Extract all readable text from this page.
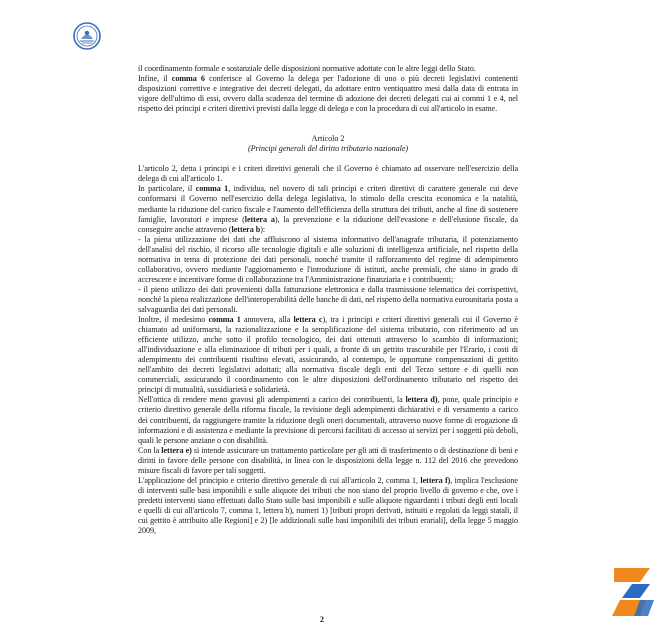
il coordinamento formale e sostanziale delle disposizioni normative adottate con le altre leggi dello Stato.

Infine, il comma 6 conferisce al Governo la delega per l'adozione di uno o più decreti legislativi contenenti disposizioni correttive e integrative dei decreti delegati, da adottare entro ventiquattro mesi dalla data di entrata in vigore dell'ultimo di essi, ovvero dalla scadenza del termine di adozione dei decreti delegati cui ai commi 1 e 4, nel rispetto dei principi e criteri direttivi previsti dalla legge di delega e con la procedura di cui all'articolo in esame.

Articolo 2

(Principi generali del diritto tributario nazionale)

L'articolo 2, detta i principi e i criteri direttivi generali che il Governo è chiamato ad osservare nell'esercizio della delega di cui all'articolo 1.

In particolare, il comma 1, individua, nel novero di tali principi e criteri direttivi di carattere generale cui deve conformarsi il Governo nell'esercizio della delega legislativa, lo stimolo della crescita economica e la natalità, mediante la riduzione del carico fiscale e l'aumento dell'efficienza della struttura dei tributi, anche al fine di sostenere famiglie, lavoratori e imprese (lettera a), la prevenzione e la riduzione dell'evasione e dell'elusione fiscale, da conseguire anche attraverso (lettera b):

- la piena utilizzazione dei dati che affluiscono al sistema informativo dell'anagrafe tributaria, il potenziamento dell'analisi del rischio, il ricorso alle tecnologie digitali e alle soluzioni di intelligenza artificiale, nel rispetto della normativa in tema di protezione dei dati personali, nonché tramite il rafforzamento del regime di adempimento collaborativo, ovvero mediante l'aggiornamento e l'introduzione di istituti, anche premiali, che siano in grado di accrescere e incentivare forme di collaborazione tra l'Amministrazione finanziaria e i contribuenti;

- il pieno utilizzo dei dati provenienti dalla fatturazione elettronica e dalla trasmissione telematica dei corrispettivi, nonché la piena realizzazione dell'interoperabilità delle banche di dati, nel rispetto della normativa eurounitaria posta a salvaguardia dei dati personali.

Inoltre, il medesimo comma 1 annovera, alla lettera c), tra i principi e criteri direttivi generali cui il Governo è chiamato ad uniformarsi, la razionalizzazione e la semplificazione del sistema tributario, con riferimento ad un efficiente utilizzo, anche sotto il profilo tecnologico, dei dati ottenuti attraverso lo scambio di informazioni; all'individuazione e alla eliminazione di tributi per i quali, a fronte di un gettito trascurabile per l'Erario, i costi di adempimento dei contribuenti risultino elevati, assicurando, al contempo, le opportune compensazioni di gettito nell'ambito dei decreti legislativi adottati; alla normativa fiscale degli enti del Terzo settore e di quelli non commerciali, assicurando il coordinamento con le altre disposizioni dell'ordinamento tributario nel rispetto dei principi di mutualità, sussidiarietà e solidarietà.

Nell'ottica di rendere meno gravosi gli adempimenti a carico dei contribuenti, la lettera d), pone, quale principio e criterio direttivo generale della riforma fiscale, la revisione degli adempimenti dichiarativi e di versamento a carico dei contribuenti, da raggiungere tramite la riduzione degli oneri documentali, attraverso nuove forme di erogazione di informazioni e di assistenza e mediante la previsione di percorsi facilitati di accesso ai servizi per i soggetti più deboli, quali le persone anziane o con disabilità.

Con la lettera e) si intende assicurare un trattamento particolare per gli atti di trasferimento o di destinazione di beni e diritti in favore delle persone con disabilità, in linea con le disposizioni della legge n. 112 del 2016 che prevedono misure fiscali di favore per tali soggetti.

L'applicazione del principio e criterio direttivo generale di cui all'articolo 2, comma 1, lettera f), implica l'esclusione di interventi sulle basi imponibili e sulle aliquote dei tributi che non siano del proprio livello di governo e che, ove i predetti interventi siano effettuati dallo Stato sulle basi imponibili e sulle aliquote riguardanti i tributi degli enti locali e quelli di cui all'articolo 7, comma 1, lettera b), numeri 1) [tributi propri derivati, istituiti e regolati da leggi statali, il cui gettito è attribuito alle Regioni] e 2) [le addizionali sulle basi imponibili dei tributi erariali], della legge 5 maggio 2009,

2
